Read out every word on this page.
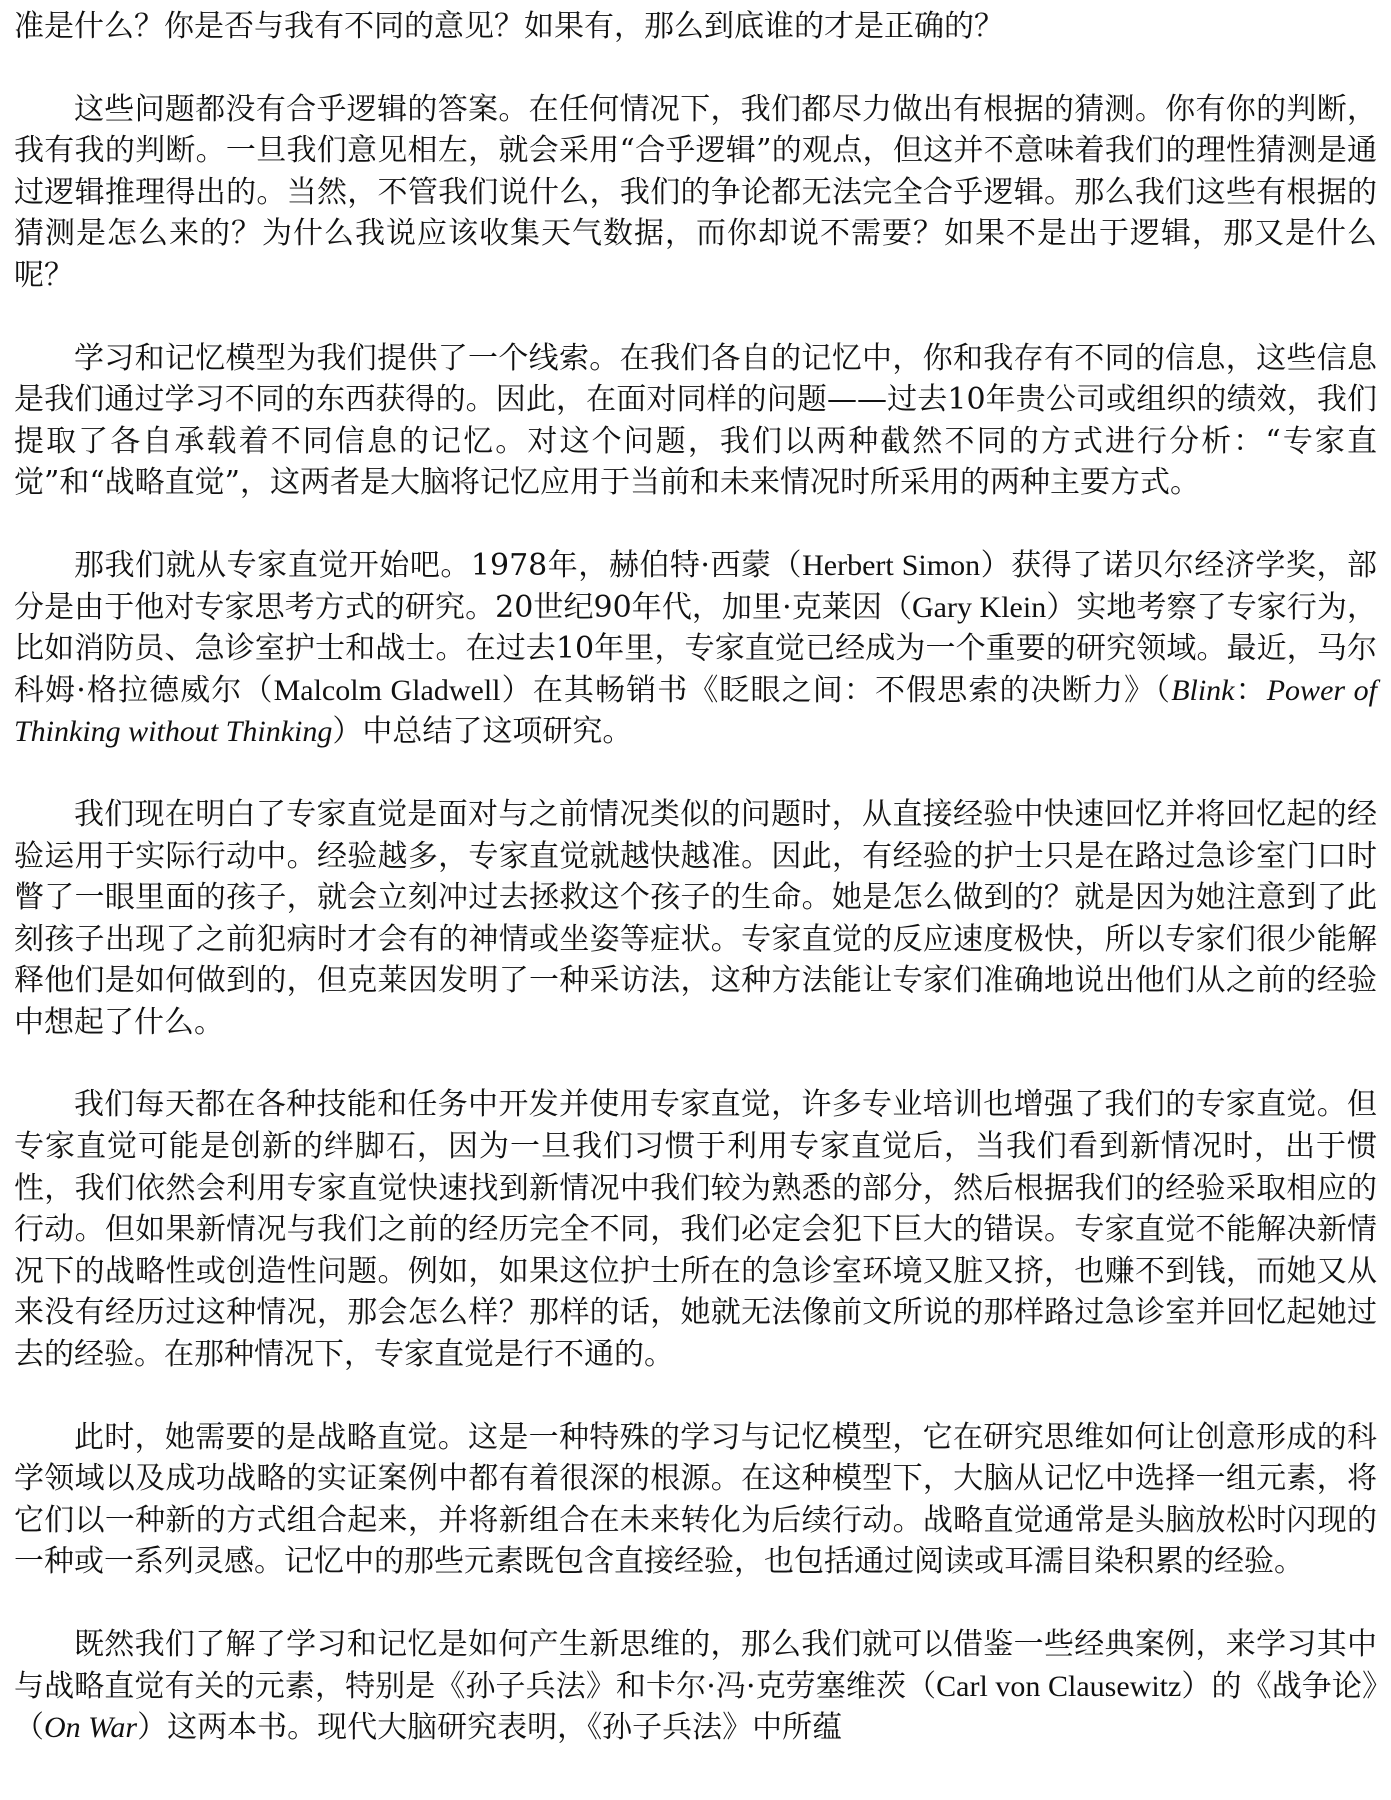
准是什么？你是否与我有不同的意见？如果有，那么到底谁的才是正确的？

这些问题都没有合乎逻辑的答案。在任何情况下，我们都尽力做出有根据的猜测。你有你的判断，我有我的判断。一旦我们意见相左，就会采用“合乎逻辑”的观点，但这并不意味着我们的理性猜测是通过逻辑推理得出的。当然，不管我们说什么，我们的争论都无法完全合乎逻辑。那么我们这些有根据的猜测是怎么来的？为什么我说应该收集天气数据，而你却说不需要？如果不是出于逻辑，那又是什么呢？

学习和记忆模型为我们提供了一个线索。在我们各自的记忆中，你和我存有不同的信息，这些信息是我们通过学习不同的东西获得的。因此，在面对同样的问题——过去10年贵公司或组织的绩效，我们提取了各自承载着不同信息的记忆。对这个问题，我们以两种截然不同的方式进行分析：“专家直觉”和“战略直觉”，这两者是大脑将记忆应用于当前和未来情况时所采用的两种主要方式。

那我们就从专家直觉开始吧。1978年，赫伯特·西蒙（Herbert Simon）获得了诺贝尔经济学奖，部分是由于他对专家思考方式的研究。20世纪90年代，加里·克莱因（Gary Klein）实地考察了专家行为，比如消防员、急诊室护士和战士。在过去10年里，专家直觉已经成为一个重要的研究领域。最近，马尔科姆·格拉德威尔（Malcolm Gladwell）在其畅销书《眨眼之间：不假思索的决断力》（Blink：Power of Thinking without Thinking）中总结了这项研究。

我们现在明白了专家直觉是面对与之前情况类似的问题时，从直接经验中快速回忆并将回忆起的经验运用于实际行动中。经验越多，专家直觉就越快越准。因此，有经验的护士只是在路过急诊室门口时瞥了一眼里面的孩子，就会立刻冲过去拯救这个孩子的生命。她是怎么做到的？就是因为她注意到了此刻孩子出现了之前犯病时才会有的神情或坐姿等症状。专家直觉的反应速度极快，所以专家们很少能解释他们是如何做到的，但克莱因发明了一种采访法，这种方法能让专家们准确地说出他们从之前的经验中想起了什么。

我们每天都在各种技能和任务中开发并使用专家直觉，许多专业培训也增强了我们的专家直觉。但专家直觉可能是创新的绊脚石，因为一旦我们习惯于利用专家直觉后，当我们看到新情况时，出于惯性，我们依然会利用专家直觉快速找到新情况中我们较为熟悉的部分，然后根据我们的经验采取相应的行动。但如果新情况与我们之前的经历完全不同，我们必定会犯下巨大的错误。专家直觉不能解决新情况下的战略性或创造性问题。例如，如果这位护士所在的急诊室环境又脏又挤，也赚不到钱，而她又从来没有经历过这种情况，那会怎么样？那样的话，她就无法像前文所说的那样路过急诊室并回忆起她过去的经验。在那种情况下，专家直觉是行不通的。

此时，她需要的是战略直觉。这是一种特殊的学习与记忆模型，它在研究思维如何让创意形成的科学领域以及成功战略的实证案例中都有着很深的根源。在这种模型下，大脑从记忆中选择一组元素，将它们以一种新的方式组合起来，并将新组合在未来转化为后续行动。战略直觉通常是头脑放松时闪现的一种或一系列灵感。记忆中的那些元素既包含直接经验，也包括通过阅读或耳濡目染积累的经验。

既然我们了解了学习和记忆是如何产生新思维的，那么我们就可以借鉴一些经典案例，来学习其中与战略直觉有关的元素，特别是《孙子兵法》和卡尔·冯·克劳塞维茨（Carl von Clausewitz）的《战争论》（On War）这两本书。现代大脑研究表明，《孙子兵法》中所蕴
